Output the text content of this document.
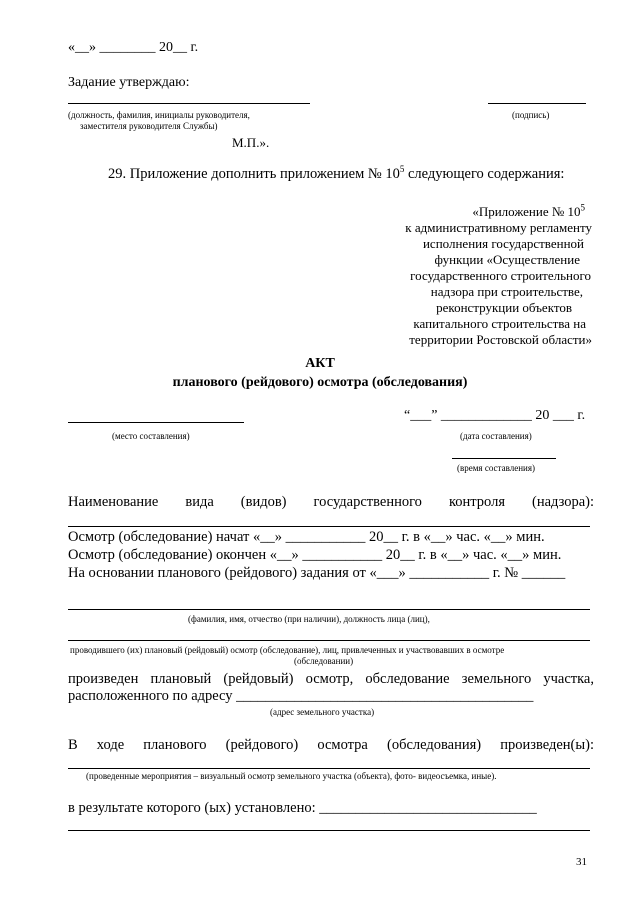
«__» ________ 20__ г.
Задание утверждаю:
(должность, фамилия, инициалы руководителя,
заместителя руководителя Службы)
(подпись)
М.П.».
29. Приложение дополнить приложением № $10^5$ следующего содержания:
«Приложение № $10^5$
к административному регламенту
исполнения государственной
функции «Осуществление
государственного строительного
надзора при строительстве,
реконструкции объектов
капитального строительства на
территории Ростовской области»
АКТ
планового (рейдового) осмотра (обследования)
“___” _____________ 20 ___ г.
(место составления)	(дата составления)
(время составления)
Наименование вида (видов) государственного контроля (надзора):
Осмотр (обследование) начат «__» ___________ 20__ г. в «__» час. «__» мин.
Осмотр (обследование) окончен «__» ___________ 20__ г. в «__» час. «__» мин.
На основании планового (рейдового) задания от «___» ___________ г. № ______
(фамилия, имя, отчество (при наличии), должность лица (лиц),
проводившего (их) плановый (рейдовый) осмотр (обследование), лиц, привлеченных и участвовавших в осмотре
(обследовании)
произведен плановый (рейдовый) осмотр, обследование земельного участка,
расположенного по адресу _________________________________________
(адрес земельного участка)
В ходе планового (рейдового) осмотра (обследования) произведен(ы):
(проведенные мероприятия – визуальный осмотр земельного участка (объекта), фото- видеосъемка, иные).
в результате которого (ых) установлено: ______________________________
31
